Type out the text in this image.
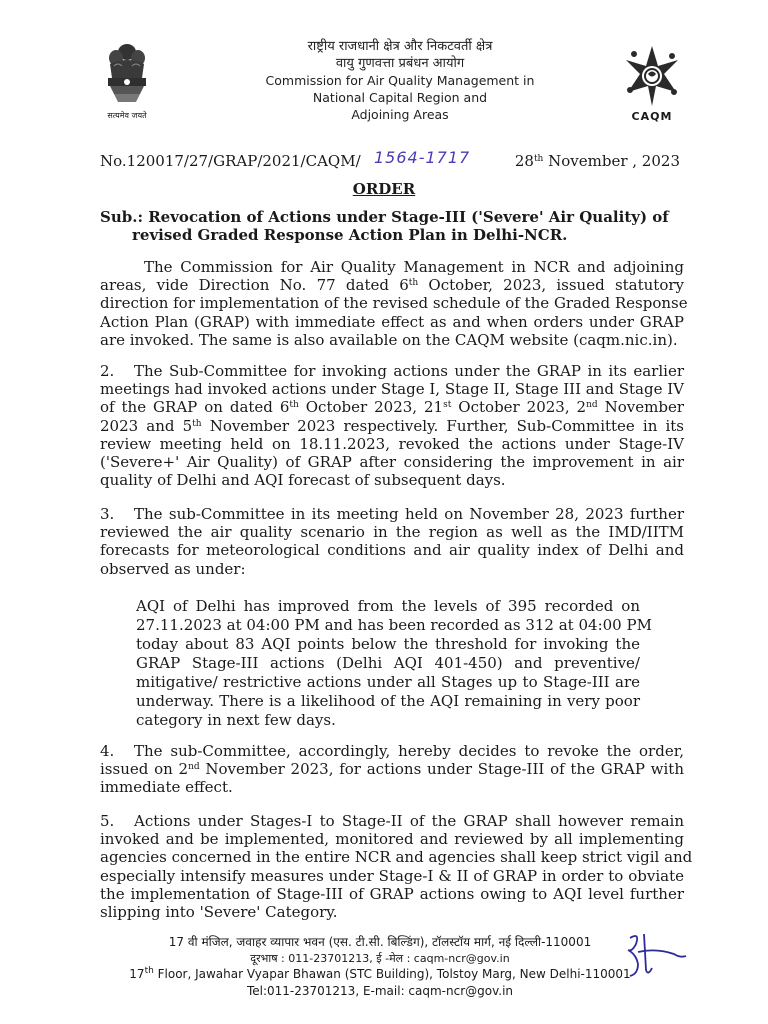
सत्यमेव जयते
राष्ट्रीय राजधानी क्षेत्र और निकटवर्ती क्षेत्र
वायु गुणवत्ता प्रबंधन आयोग
Commission for Air Quality Management in
National Capital Region and
Adjoining Areas	CAQM
No.120017/27/GRAP/2021/CAQM/ 1564-1717	28th November , 2023
ORDER
Sub.: Revocation of Actions under Stage-III ('Severe' Air Quality) of
revised Graded Response Action Plan in Delhi-NCR.
The Commission for Air Quality Management in NCR and adjoining
areas, vide Direction No. 77 dated 6th October, 2023, issued statutory
direction for implementation of the revised schedule of the Graded Response
Action Plan (GRAP) with immediate effect as and when orders under GRAP
are invoked. The same is also available on the CAQM website (caqm.nic.in).
2. The Sub-Committee for invoking actions under the GRAP in its earlier
meetings had invoked actions under Stage I, Stage II, Stage III and Stage IV
of the GRAP on dated 6th October 2023, 21st October 2023, 2nd November
2023 and 5th November 2023 respectively. Further, Sub-Committee in its
review meeting held on 18.11.2023, revoked the actions under Stage-IV
('Severe+' Air Quality) of GRAP after considering the improvement in air
quality of Delhi and AQI forecast of subsequent days.
3. The sub-Committee in its meeting held on November 28, 2023 further
reviewed the air quality scenario in the region as well as the IMD/IITM
forecasts for meteorological conditions and air quality index of Delhi and
observed as under:
AQI of Delhi has improved from the levels of 395 recorded on
27.11.2023 at 04:00 PM and has been recorded as 312 at 04:00 PM
today about 83 AQI points below the threshold for invoking the
GRAP Stage-III actions (Delhi AQI 401-450) and preventive/
mitigative/ restrictive actions under all Stages up to Stage-III are
underway. There is a likelihood of the AQI remaining in very poor
category in next few days.
4. The sub-Committee, accordingly, hereby decides to revoke the order,
issued on 2nd November 2023, for actions under Stage-III of the GRAP with
immediate effect.
5. Actions under Stages-I to Stage-II of the GRAP shall however remain
invoked and be implemented, monitored and reviewed by all implementing
agencies concerned in the entire NCR and agencies shall keep strict vigil and
especially intensify measures under Stage-I & II of GRAP in order to obviate
the implementation of Stage-III of GRAP actions owing to AQI level further
slipping into 'Severe' Category.
17 वी मंजिल, जवाहर व्यापार भवन (एस. टी.सी. बिल्डिंग), टॉलस्टॉय मार्ग, नई दिल्ली-110001
दूरभाष : 011-23701213, ई -मेल : caqm-ncr@gov.in
17th Floor, Jawahar Vyapar Bhawan (STC Building), Tolstoy Marg, New Delhi-110001
Tel:011-23701213, E-mail: caqm-ncr@gov.in
